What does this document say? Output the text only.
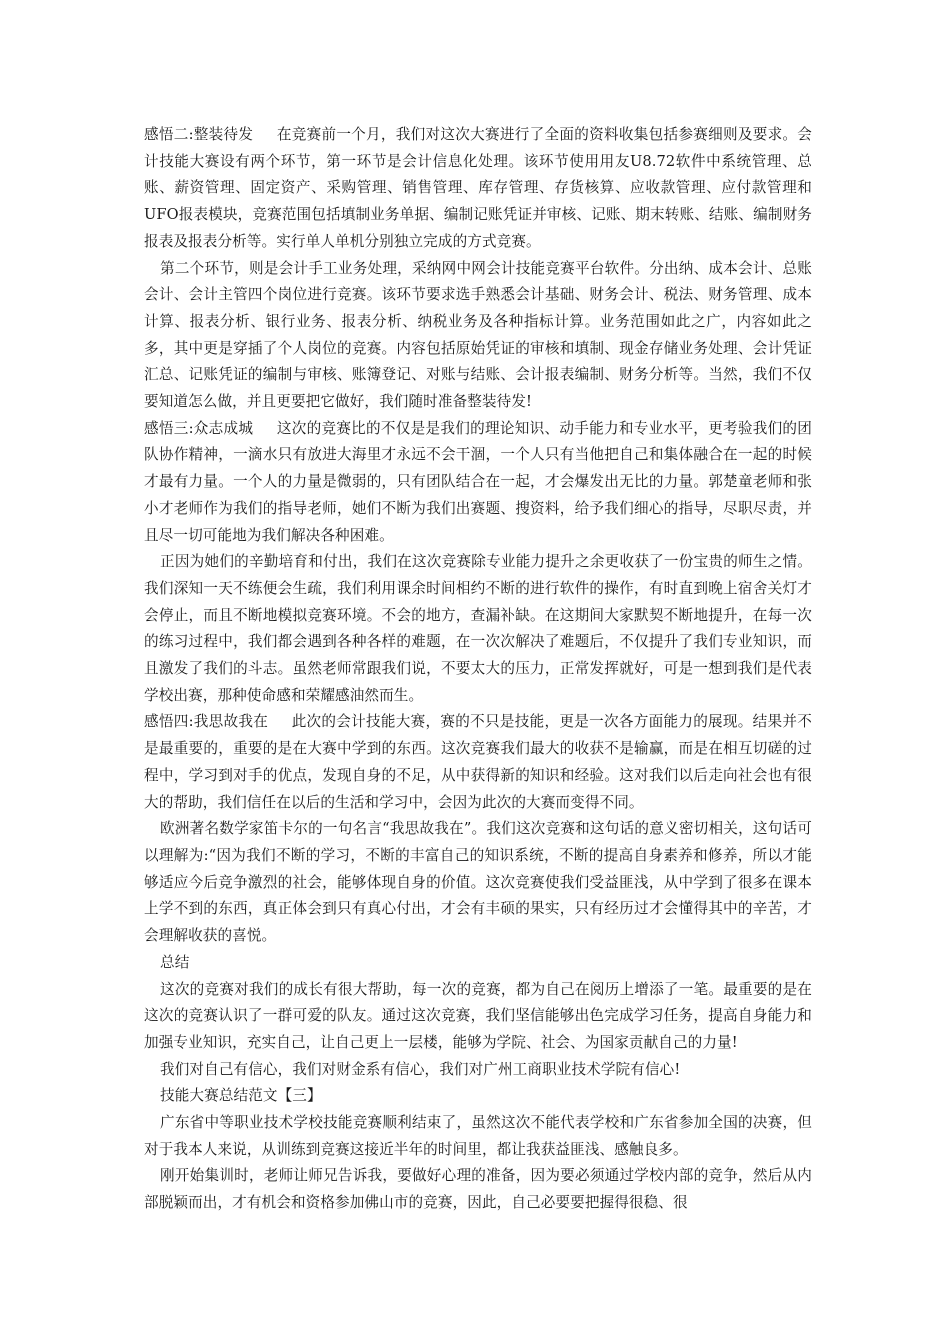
感悟二:整装待发 在竞赛前一个月，我们对这次大赛进行了全面的资料收集包括参赛细则及要求。会计技能大赛设有两个环节，第一环节是会计信息化处理。该环节使用用友U8.72软件中系统管理、总账、薪资管理、固定资产、采购管理、销售管理、库存管理、存货核算、应收款管理、应付款管理和UFO报表模块，竞赛范围包括填制业务单据、编制记账凭证并审核、记账、期末转账、结账、编制财务报表及报表分析等。实行单人单机分别独立完成的方式竞赛。

第二个环节，则是会计手工业务处理，采纳网中网会计技能竞赛平台软件。分出纳、成本会计、总账会计、会计主管四个岗位进行竞赛。该环节要求选手熟悉会计基础、财务会计、税法、财务管理、成本计算、报表分析、银行业务、报表分析、纳税业务及各种指标计算。业务范围如此之广，内容如此之多，其中更是穿插了个人岗位的竞赛。内容包括原始凭证的审核和填制、现金存储业务处理、会计凭证汇总、记账凭证的编制与审核、账簿登记、对账与结账、会计报表编制、财务分析等。当然，我们不仅要知道怎么做，并且更要把它做好，我们随时准备整装待发!

感悟三:众志成城 这次的竞赛比的不仅是是我们的理论知识、动手能力和专业水平，更考验我们的团队协作精神，一滴水只有放进大海里才永远不会干涸，一个人只有当他把自己和集体融合在一起的时候才最有力量。一个人的力量是微弱的，只有团队结合在一起，才会爆发出无比的力量。郭楚童老师和张小才老师作为我们的指导老师，她们不断为我们出赛题、搜资料，给予我们细心的指导，尽职尽责，并且尽一切可能地为我们解决各种困难。

正因为她们的辛勤培育和付出，我们在这次竞赛除专业能力提升之余更收获了一份宝贵的师生之情。我们深知一天不练便会生疏，我们利用课余时间相约不断的进行软件的操作，有时直到晚上宿舍关灯才会停止，而且不断地模拟竞赛环境。不会的地方，查漏补缺。在这期间大家默契不断地提升，在每一次的练习过程中，我们都会遇到各种各样的难题，在一次次解决了难题后，不仅提升了我们专业知识，而且激发了我们的斗志。虽然老师常跟我们说，不要太大的压力，正常发挥就好，可是一想到我们是代表学校出赛，那种使命感和荣耀感油然而生。

感悟四:我思故我在 此次的会计技能大赛，赛的不只是技能，更是一次各方面能力的展现。结果并不是最重要的，重要的是在大赛中学到的东西。这次竞赛我们最大的收获不是输赢，而是在相互切磋的过程中，学习到对手的优点，发现自身的不足，从中获得新的知识和经验。这对我们以后走向社会也有很大的帮助，我们信任在以后的生活和学习中，会因为此次的大赛而变得不同。

欧洲著名数学家笛卡尔的一句名言“我思故我在”。我们这次竞赛和这句话的意义密切相关，这句话可以理解为:“因为我们不断的学习，不断的丰富自己的知识系统，不断的提高自身素养和修养，所以才能够适应今后竞争激烈的社会，能够体现自身的价值。这次竞赛使我们受益匪浅，从中学到了很多在课本上学不到的东西，真正体会到只有真心付出，才会有丰硕的果实，只有经历过才会懂得其中的辛苦，才会理解收获的喜悦。

总结

这次的竞赛对我们的成长有很大帮助，每一次的竞赛，都为自己在阅历上增添了一笔。最重要的是在这次的竞赛认识了一群可爱的队友。通过这次竞赛，我们坚信能够出色完成学习任务，提高自身能力和加强专业知识，充实自己，让自己更上一层楼，能够为学院、社会、为国家贡献自己的力量!

我们对自己有信心，我们对财金系有信心，我们对广州工商职业技术学院有信心!

技能大赛总结范文【三】

广东省中等职业技术学校技能竞赛顺利结束了，虽然这次不能代表学校和广东省参加全国的决赛，但对于我本人来说，从训练到竞赛这接近半年的时间里，都让我获益匪浅、感触良多。

刚开始集训时，老师让师兄告诉我，要做好心理的准备，因为要必须通过学校内部的竞争，然后从内部脱颖而出，才有机会和资格参加佛山市的竞赛，因此，自己必要要把握得很稳、很
